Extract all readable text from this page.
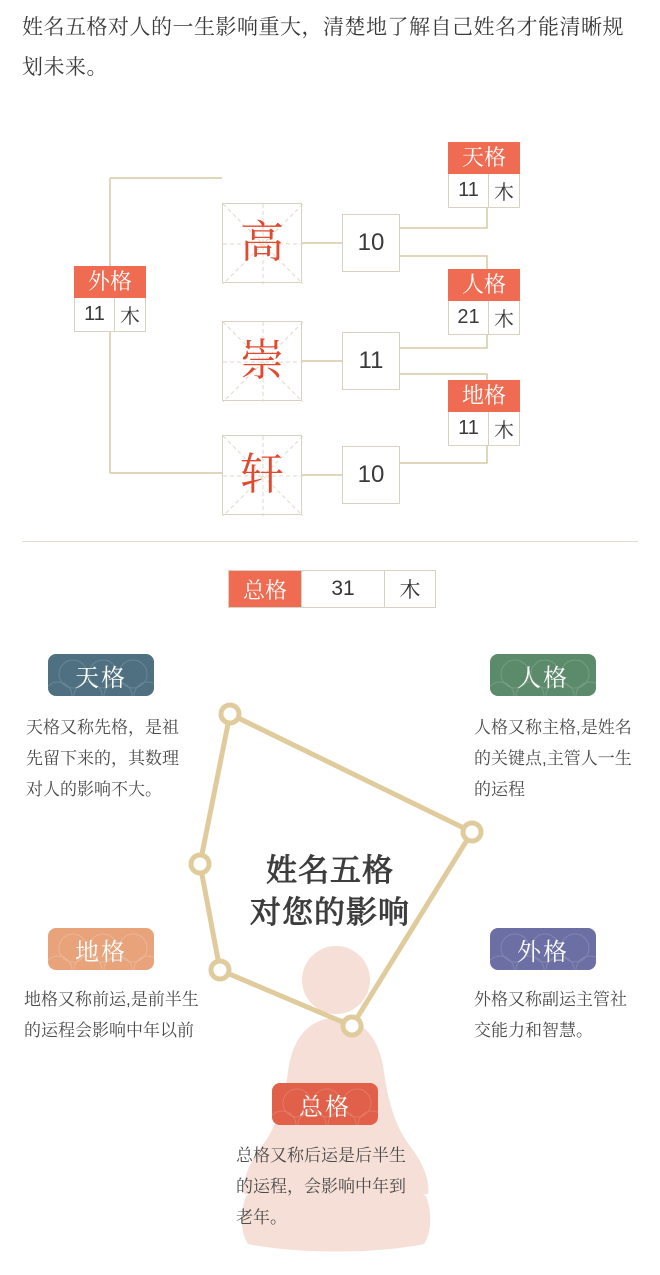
姓名五格对人的一生影响重大，清楚地了解自己姓名才能清晰规划未来。
外格
11 木
天格
11 木
人格
21 木
地格
11 木
高
崇
轩
10
11
10
总格	31	木
姓名五格
对您的影响
天格
天格又称先格，是祖先留下来的，其数理对人的影响不大。
人格
人格又称主格,是姓名的关键点,主管人一生的运程
地格
地格又称前运,是前半生的运程会影响中年以前
外格
外格又称副运主管社交能力和智慧。
总格
总格又称后运是后半生的运程，会影响中年到老年。
